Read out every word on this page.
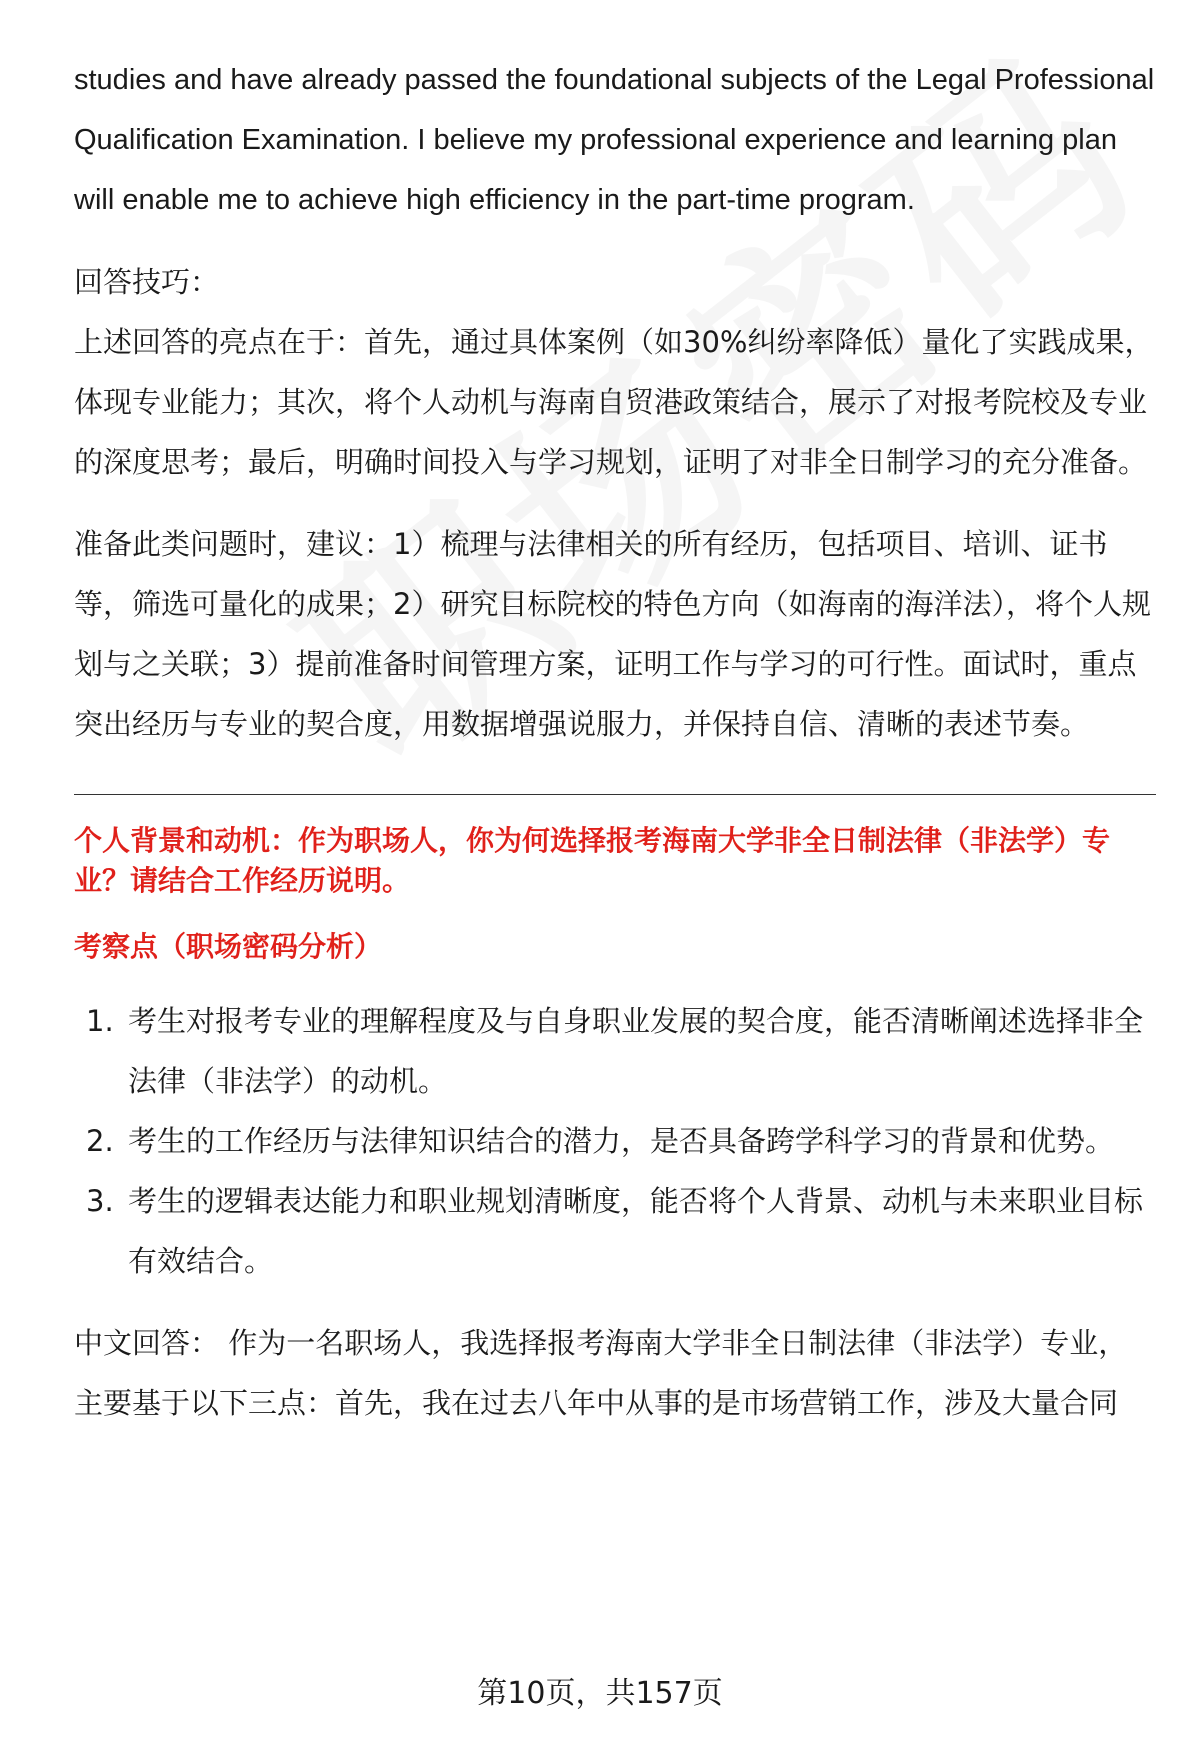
studies and have already passed the foundational subjects of the Legal Professional Qualification Examination. I believe my professional experience and learning plan will enable me to achieve high efficiency in the part-time program.

回答技巧：

上述回答的亮点在于：首先，通过具体案例（如30%纠纷率降低）量化了实践成果，体现专业能力；其次，将个人动机与海南自贸港政策结合，展示了对报考院校及专业的深度思考；最后，明确时间投入与学习规划，证明了对非全日制学习的充分准备。

准备此类问题时，建议：1）梳理与法律相关的所有经历，包括项目、培训、证书等，筛选可量化的成果；2）研究目标院校的特色方向（如海南的海洋法），将个人规划与之关联；3）提前准备时间管理方案，证明工作与学习的可行性。面试时，重点突出经历与专业的契合度，用数据增强说服力，并保持自信、清晰的表述节奏。

个人背景和动机：作为职场人，你为何选择报考海南大学非全日制法律（非法学）专业？请结合工作经历说明。

考察点（职场密码分析）

1. 考生对报考专业的理解程度及与自身职业发展的契合度，能否清晰阐述选择非全法律（非法学）的动机。
2. 考生的工作经历与法律知识结合的潜力，是否具备跨学科学习的背景和优势。
3. 考生的逻辑表达能力和职业规划清晰度，能否将个人背景、动机与未来职业目标有效结合。

中文回答： 作为一名职场人，我选择报考海南大学非全日制法律（非法学）专业，主要基于以下三点：首先，我在过去八年中从事的是市场营销工作，涉及大量合同

第10页，共157页
